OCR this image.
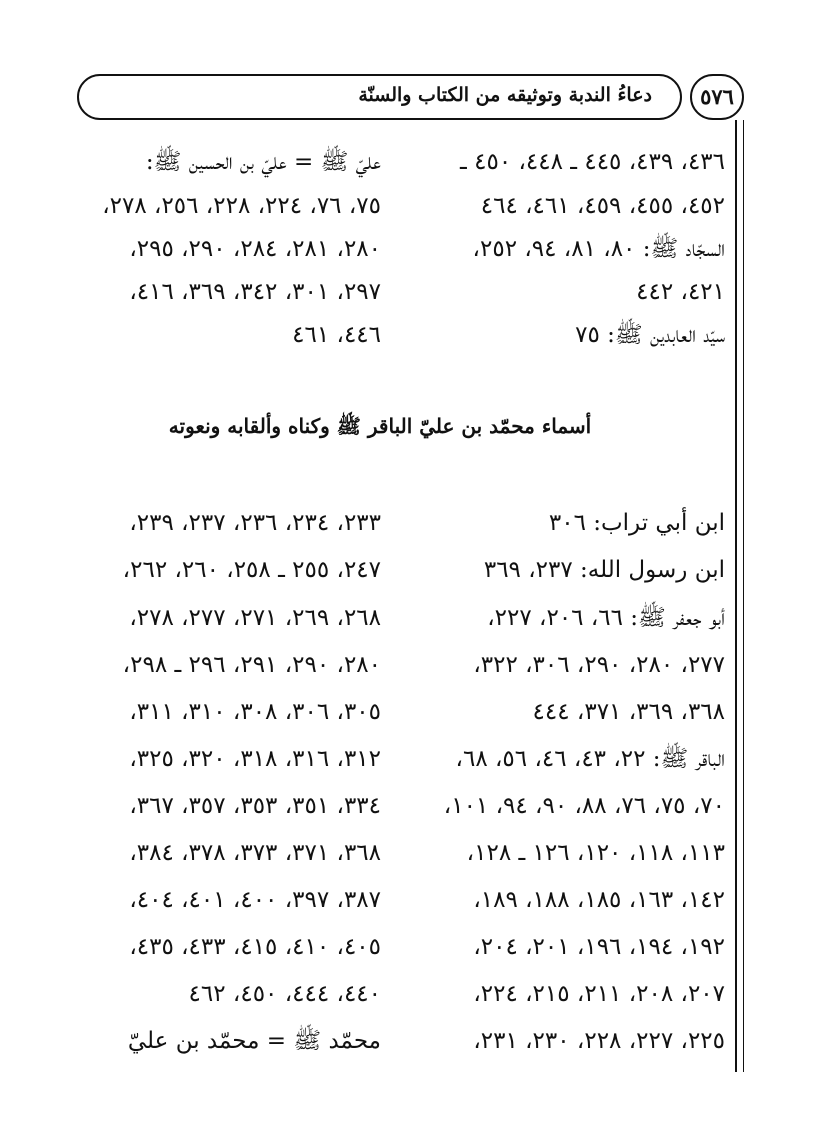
دعاءُ الندبة وتوثيقه من الكتاب والسنّة	٥٧٦
٤٣٦، ٤٣٩، ٤٤٥ ـ ٤٤٨، ٤٥٠ ـ
٤٥٢، ٤٥٥، ٤٥٩، ٤٦١، ٤٦٤
السجّاد ﷺ: ٨٠، ٨١، ٩٤، ٢٥٢،
٤٢١، ٤٤٢
سيّد العابدين ﷺ: ٧٥
عليّ ﷺ = عليّ بن الحسين ﷺ:
٧٥، ٧٦، ٢٢٤، ٢٢٨، ٢٥٦، ٢٧٨،
٢٨٠، ٢٨١، ٢٨٤، ٢٩٠، ٢٩٥،
٢٩٧، ٣٠١، ٣٤٢، ٣٦٩، ٤١٦،
٤٤٦، ٤٦١
أسماء محمّد بن عليّ الباقر ﷺ وكناه وألقابه ونعوته
ابن أبي تراب: ٣٠٦
ابن رسول الله: ٢٣٧، ٣٦٩
أبو جعفر ﷺ: ٦٦، ٢٠٦، ٢٢٧،
٢٧٧، ٢٨٠، ٢٩٠، ٣٠٦، ٣٢٢،
٣٦٨، ٣٦٩، ٣٧١، ٤٤٤
الباقر ﷺ: ٢٢، ٤٣، ٤٦، ٥٦، ٦٨،
٧٠، ٧٥، ٧٦، ٨٨، ٩٠، ٩٤، ١٠١،
١١٣، ١١٨، ١٢٠، ١٢٦ ـ ١٢٨،
١٤٢، ١٦٣، ١٨٥، ١٨٨، ١٨٩،
١٩٢، ١٩٤، ١٩٦، ٢٠١، ٢٠٤،
٢٠٧، ٢٠٨، ٢١١، ٢١٥، ٢٢٤،
٢٢٥، ٢٢٧، ٢٢٨، ٢٣٠، ٢٣١،
٢٣٣، ٢٣٤، ٢٣٦، ٢٣٧، ٢٣٩،
٢٤٧، ٢٥٥ ـ ٢٥٨، ٢٦٠، ٢٦٢،
٢٦٨، ٢٦٩، ٢٧١، ٢٧٧، ٢٧٨،
٢٨٠، ٢٩٠، ٢٩١، ٢٩٦ ـ ٢٩٨،
٣٠٥، ٣٠٦، ٣٠٨، ٣١٠، ٣١١،
٣١٢، ٣١٦، ٣١٨، ٣٢٠، ٣٢٥،
٣٣٤، ٣٥١، ٣٥٣، ٣٥٧، ٣٦٧،
٣٦٨، ٣٧١، ٣٧٣، ٣٧٨، ٣٨٤،
٣٨٧، ٣٩٧، ٤٠٠، ٤٠١، ٤٠٤،
٤٠٥، ٤١٠، ٤١٥، ٤٣٣، ٤٣٥،
٤٤٠، ٤٤٤، ٤٥٠، ٤٦٢
محمّد ﷺ = محمّد بن عليّ
